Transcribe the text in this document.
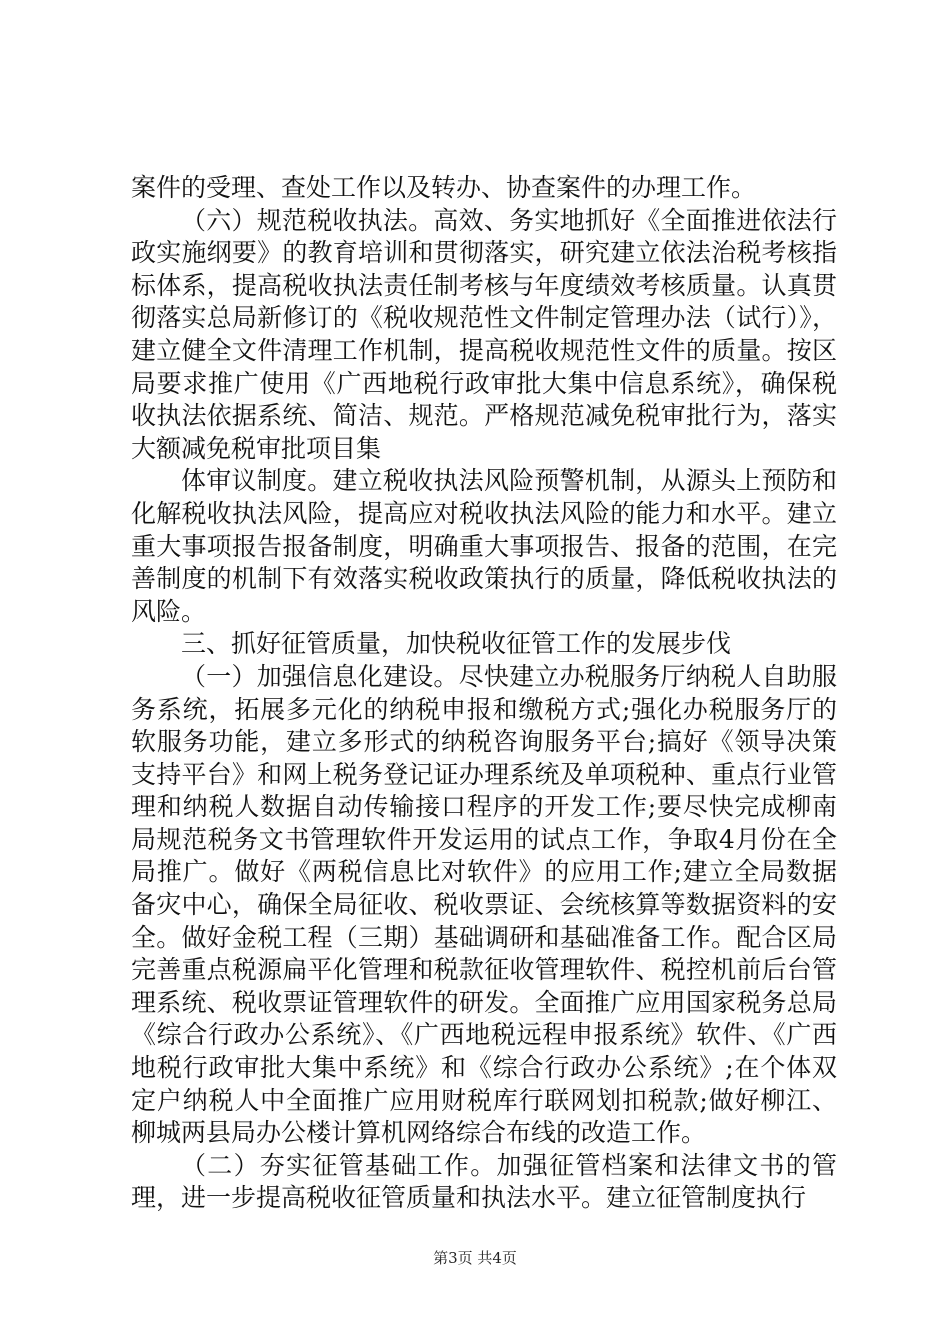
案件的受理、查处工作以及转办、协查案件的办理工作。

（六）规范税收执法。高效、务实地抓好《全面推进依法行政实施纲要》的教育培训和贯彻落实，研究建立依法治税考核指标体系，提高税收执法责任制考核与年度绩效考核质量。认真贯彻落实总局新修订的《税收规范性文件制定管理办法（试行）》，建立健全文件清理工作机制，提高税收规范性文件的质量。按区局要求推广使用《广西地税行政审批大集中信息系统》，确保税收执法依据系统、简洁、规范。严格规范减免税审批行为，落实大额减免税审批项目集

体审议制度。建立税收执法风险预警机制，从源头上预防和化解税收执法风险，提高应对税收执法风险的能力和水平。建立重大事项报告报备制度，明确重大事项报告、报备的范围，在完善制度的机制下有效落实税收政策执行的质量，降低税收执法的风险。

三、抓好征管质量，加快税收征管工作的发展步伐

（一）加强信息化建设。尽快建立办税服务厅纳税人自助服务系统，拓展多元化的纳税申报和缴税方式;强化办税服务厅的软服务功能，建立多形式的纳税咨询服务平台;搞好《领导决策支持平台》和网上税务登记证办理系统及单项税种、重点行业管理和纳税人数据自动传输接口程序的开发工作;要尽快完成柳南局规范税务文书管理软件开发运用的试点工作，争取4月份在全局推广。做好《两税信息比对软件》的应用工作;建立全局数据备灾中心，确保全局征收、税收票证、会统核算等数据资料的安全。做好金税工程（三期）基础调研和基础准备工作。配合区局完善重点税源扁平化管理和税款征收管理软件、税控机前后台管理系统、税收票证管理软件的研发。全面推广应用国家税务总局《综合行政办公系统》、《广西地税远程申报系统》软件、《广西地税行政审批大集中系统》和《综合行政办公系统》;在个体双定户纳税人中全面推广应用财税库行联网划扣税款;做好柳江、柳城两县局办公楼计算机网络综合布线的改造工作。

（二）夯实征管基础工作。加强征管档案和法律文书的管理，进一步提高税收征管质量和执法水平。建立征管制度执行

第3页 共4页
